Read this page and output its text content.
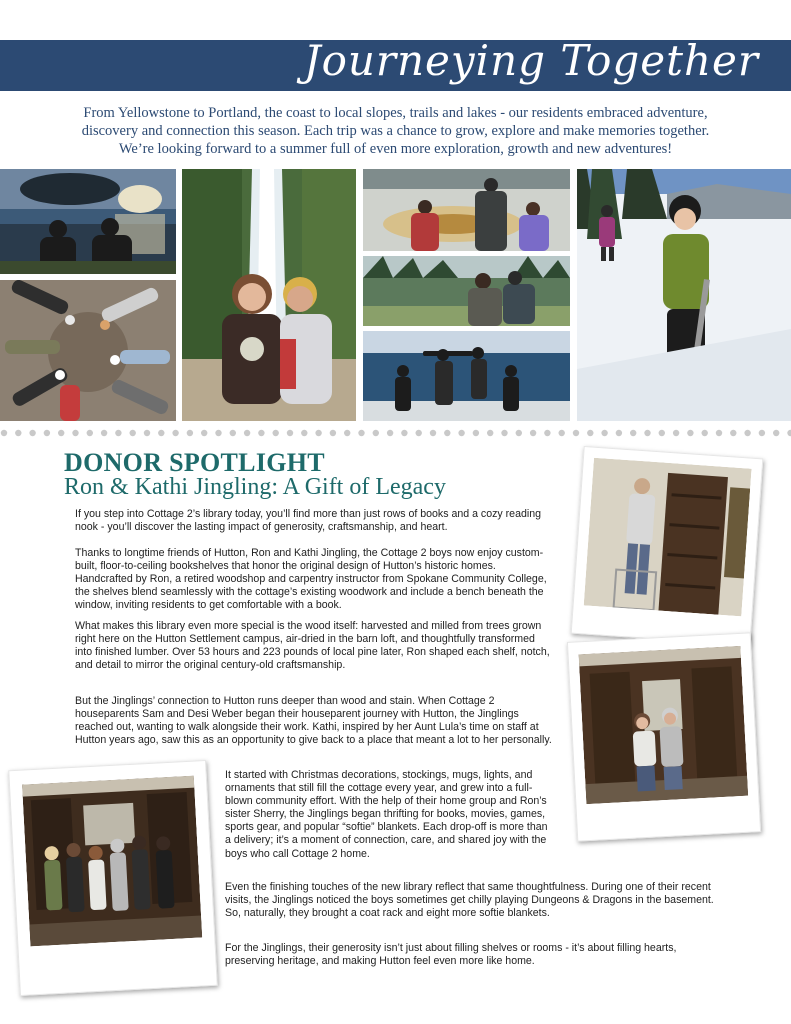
Journeying Together
From Yellowstone to Portland, the coast to local slopes, trails and lakes - our residents embraced adventure,
discovery and connection this season. Each trip was a chance to grow, explore and make memories together.
We’re looking forward to a summer full of even more exploration, growth and new adventures!
DONOR SPOTLIGHT
Ron & Kathi Jingling: A Gift of Legacy

If you step into Cottage 2’s library today, you’ll find more than just rows of books and a cozy reading nook - you’ll discover the lasting impact of generosity, craftsmanship, and heart.

Thanks to longtime friends of Hutton, Ron and Kathi Jingling, the Cottage 2 boys now enjoy custom-built, floor-to-ceiling bookshelves that honor the original design of Hutton’s historic homes. Handcrafted by Ron, a retired woodshop and carpentry instructor from Spokane Community College, the shelves blend seamlessly with the cottage’s existing woodwork and include a bench beneath the window, inviting residents to get comfortable with a book.

What makes this library even more special is the wood itself: harvested and milled from trees grown right here on the Hutton Settlement campus, air-dried in the barn loft, and thoughtfully transformed into finished lumber. Over 53 hours and 223 pounds of local pine later, Ron shaped each shelf, notch, and detail to mirror the original century-old craftsmanship.

But the Jinglings’ connection to Hutton runs deeper than wood and stain. When Cottage 2 houseparents Sam and Desi Weber began their houseparent journey with Hutton, the Jinglings reached out, wanting to walk alongside their work. Kathi, inspired by her Aunt Lula’s time on staff at Hutton years ago, saw this as an opportunity to give back to a place that meant a lot to her personally.

It started with Christmas decorations, stockings, mugs, lights, and ornaments that still fill the cottage every year, and grew into a full-blown community effort. With the help of their home group and Ron’s sister Sherry, the Jinglings began thrifting for books, movies, games, sports gear, and popular “softie” blankets. Each drop-off is more than a delivery; it’s a moment of connection, care, and shared joy with the boys who call Cottage 2 home.

Even the finishing touches of the new library reflect that same thoughtfulness. During one of their recent visits, the Jinglings noticed the boys sometimes get chilly playing Dungeons & Dragons in the basement. So, naturally, they brought a coat rack and eight more softie blankets.

For the Jinglings, their generosity isn’t just about filling shelves or rooms - it’s about filling hearts, preserving heritage, and making Hutton feel even more like home.
